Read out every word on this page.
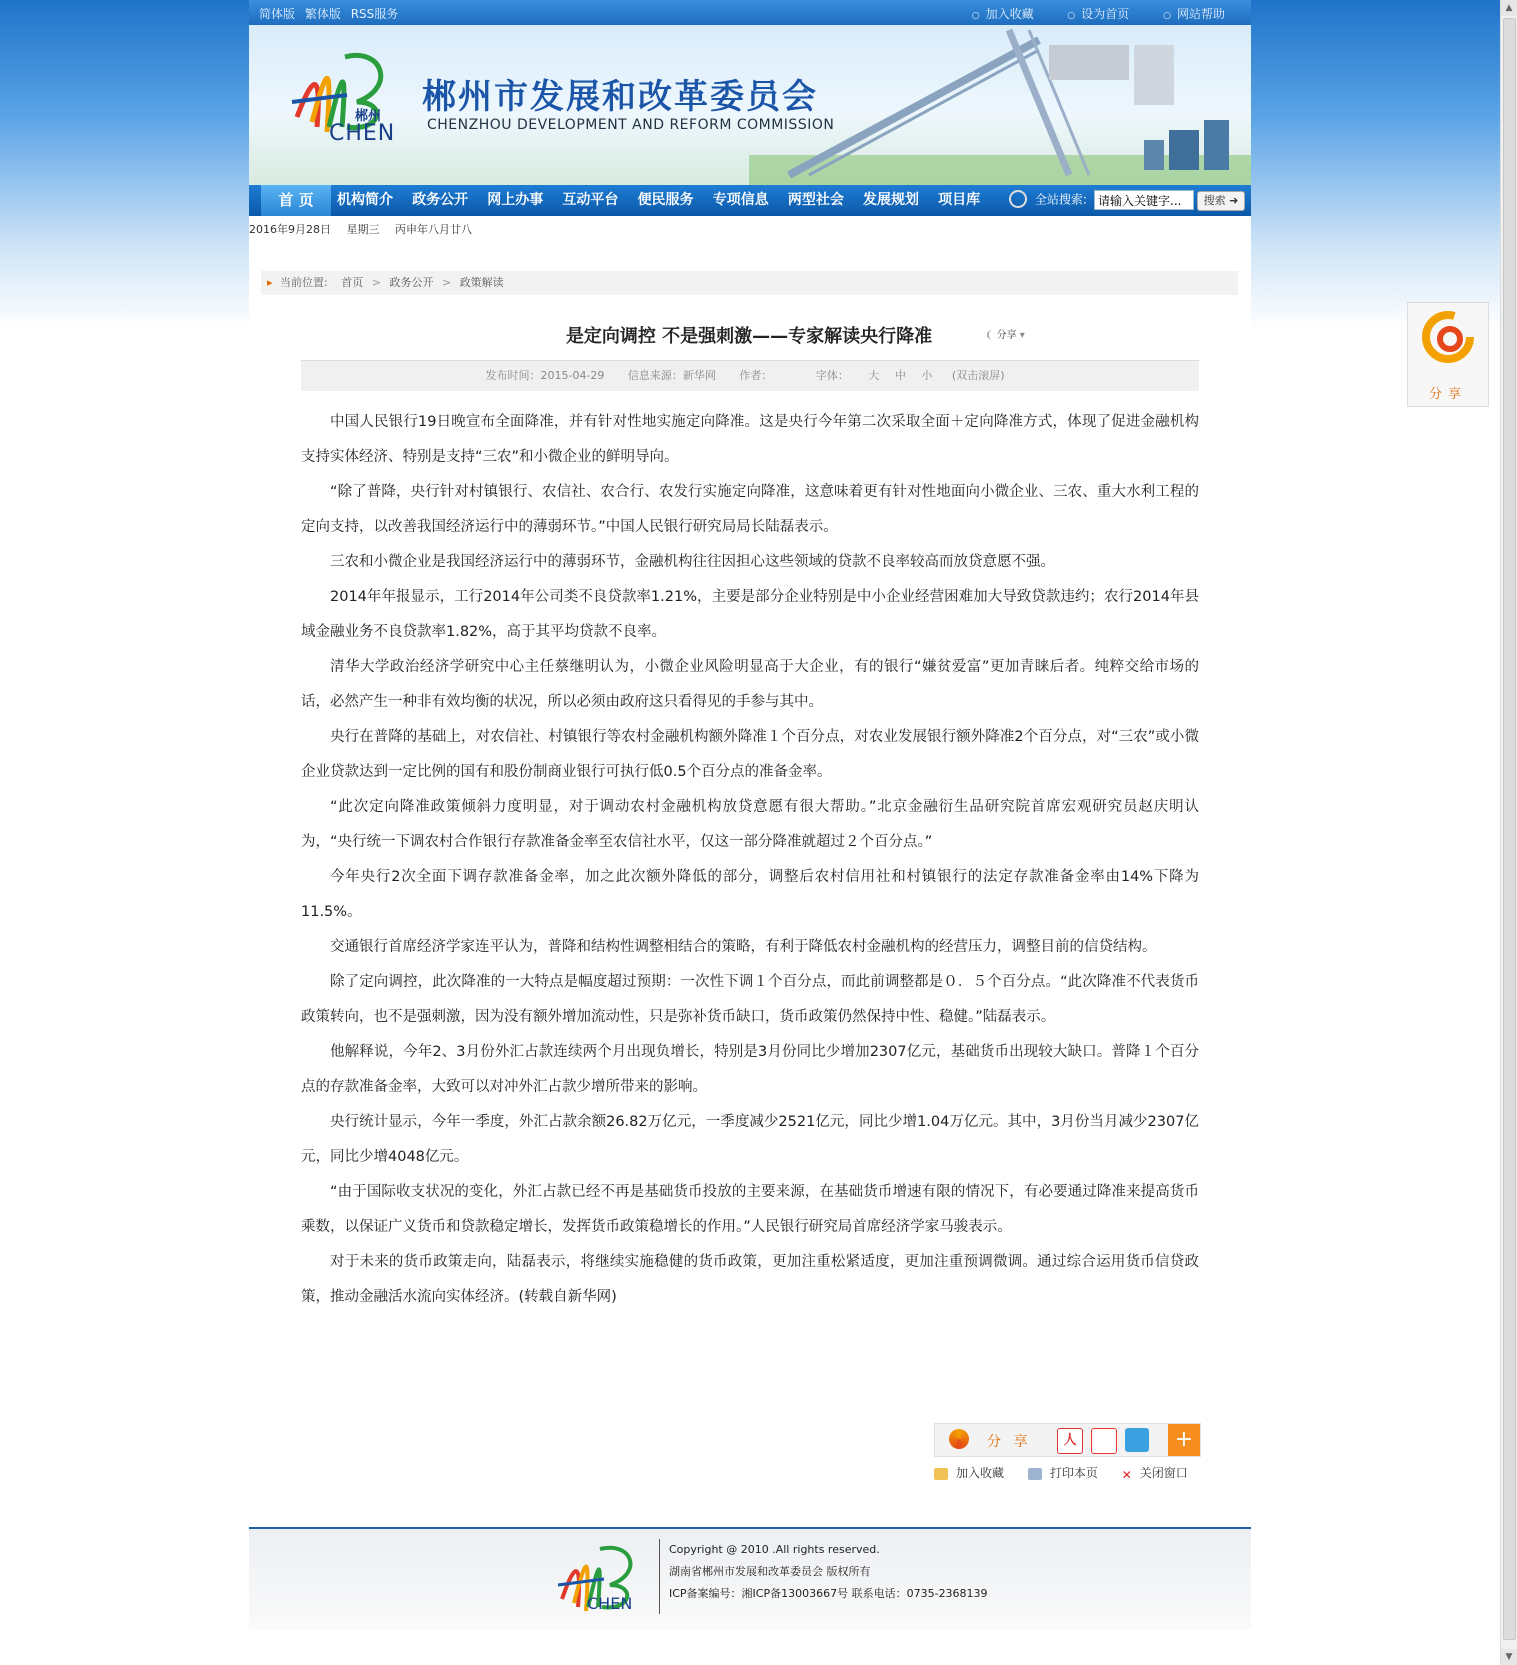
简体版 繁体版 RSS服务	○ 加入收藏	○ 设为首页	○ 网站帮助
郴州
CHEN
郴州市发展和改革委员会
CHENZHOU DEVELOPMENT AND REFORM COMMISSION
首 页	机构简介 政务公开 网上办事 互动平台 便民服务 专项信息 两型社会 发展规划 项目库	全站搜索:
请输入关键字...	搜索 ➜
2016年9月28日 星期三 丙申年八月廿八
▸ 当前位置: 首页 > 政务公开 > 政策解读
是定向调控 不是强刺激——专家解读央行降准	❨ 分享 ▾
发布时间：2015-04-29 信息来源：新华网 作者：	字体： 大 中 小 (双击滚屏)

中国人民银行19日晚宣布全面降准，并有针对性地实施定向降准。这是央行今年第二次采取全面＋定向降准方式，体现了促进金融机构支持实体经济、特别是支持“三农”和小微企业的鲜明导向。

“除了普降，央行针对村镇银行、农信社、农合行、农发行实施定向降准，这意味着更有针对性地面向小微企业、三农、重大水利工程的定向支持，以改善我国经济运行中的薄弱环节。”中国人民银行研究局局长陆磊表示。

三农和小微企业是我国经济运行中的薄弱环节，金融机构往往因担心这些领域的贷款不良率较高而放贷意愿不强。

2014年年报显示，工行2014年公司类不良贷款率1.21%，主要是部分企业特别是中小企业经营困难加大导致贷款违约；农行2014年县域金融业务不良贷款率1.82%，高于其平均贷款不良率。

清华大学政治经济学研究中心主任蔡继明认为，小微企业风险明显高于大企业，有的银行“嫌贫爱富”更加青睐后者。纯粹交给市场的话，必然产生一种非有效均衡的状况，所以必须由政府这只看得见的手参与其中。

央行在普降的基础上，对农信社、村镇银行等农村金融机构额外降准１个百分点，对农业发展银行额外降准2个百分点，对“三农”或小微企业贷款达到一定比例的国有和股份制商业银行可执行低0.5个百分点的准备金率。

“此次定向降准政策倾斜力度明显，对于调动农村金融机构放贷意愿有很大帮助。”北京金融衍生品研究院首席宏观研究员赵庆明认为，“央行统一下调农村合作银行存款准备金率至农信社水平，仅这一部分降准就超过２个百分点。”

今年央行2次全面下调存款准备金率，加之此次额外降低的部分，调整后农村信用社和村镇银行的法定存款准备金率由14%下降为11.5%。

交通银行首席经济学家连平认为，普降和结构性调整相结合的策略，有利于降低农村金融机构的经营压力，调整目前的信贷结构。

除了定向调控，此次降准的一大特点是幅度超过预期：一次性下调１个百分点，而此前调整都是０．５个百分点。“此次降准不代表货币政策转向，也不是强刺激，因为没有额外增加流动性，只是弥补货币缺口，货币政策仍然保持中性、稳健。”陆磊表示。

他解释说，今年2、3月份外汇占款连续两个月出现负增长，特别是3月份同比少增加2307亿元，基础货币出现较大缺口。普降１个百分点的存款准备金率，大致可以对冲外汇占款少增所带来的影响。

央行统计显示，今年一季度，外汇占款余额26.82万亿元，一季度减少2521亿元，同比少增1.04万亿元。其中，3月份当月减少2307亿元，同比少增4048亿元。

“由于国际收支状况的变化，外汇占款已经不再是基础货币投放的主要来源，在基础货币增速有限的情况下，有必要通过降准来提高货币乘数，以保证广义货币和贷款稳定增长，发挥货币政策稳增长的作用。”人民银行研究局首席经济学家马骏表示。

对于未来的货币政策走向，陆磊表示，将继续实施稳健的货币政策，更加注重松紧适度，更加注重预调微调。通过综合运用货币信贷政策，推动金融活水流向实体经济。(转载自新华网)

分 享	人	+
加入收藏	打印本页 ✕ 关闭窗口
CHEN
Copyright @ 2010 .All rights reserved.
湖南省郴州市发展和改革委员会 版权所有
ICP备案编号：湘ICP备13003667号 联系电话：0735-2368139
分享
▲
▼
